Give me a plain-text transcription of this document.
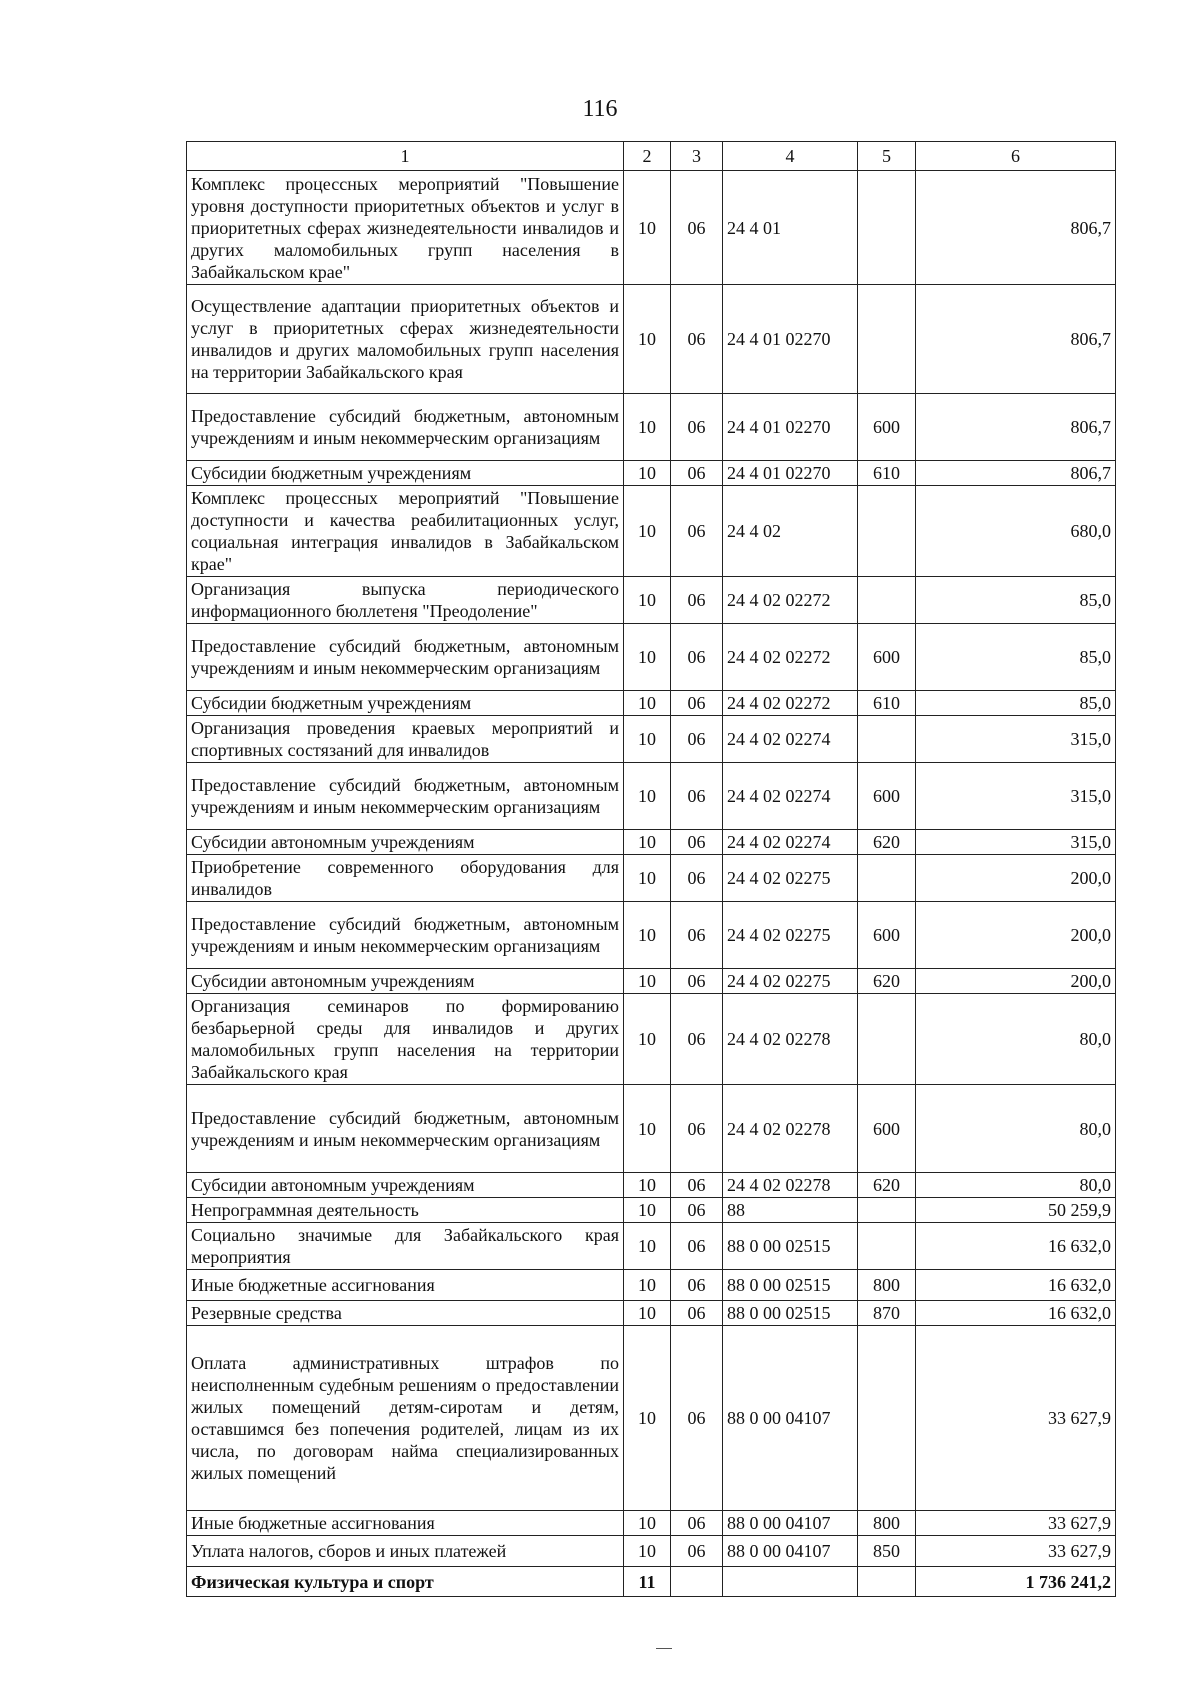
116
1	2	3	4	5	6
Комплекс процессных мероприятий "Повышение уровня доступности приоритетных объектов и услуг в приоритетных сферах жизнедеятельности инвалидов и других маломобильных групп населения в Забайкальском крае"	10	06	24 4 01		806,7
Осуществление адаптации приоритетных объектов и услуг в приоритетных сферах жизнедеятельности инвалидов и других маломобильных групп населения на территории Забайкальского края	10	06	24 4 01 02270		806,7
Предоставление субсидий бюджетным, автономным учреждениям и иным некоммерческим организациям	10	06	24 4 01 02270	600	806,7
Субсидии бюджетным учреждениям	10	06	24 4 01 02270	610	806,7
Комплекс процессных мероприятий "Повышение доступности и качества реабилитационных услуг, социальная интеграция инвалидов в Забайкальском крае"	10	06	24 4 02		680,0
Организация выпуска периодического информационного бюллетеня "Преодоление"	10	06	24 4 02 02272		85,0
Предоставление субсидий бюджетным, автономным учреждениям и иным некоммерческим организациям	10	06	24 4 02 02272	600	85,0
Субсидии бюджетным учреждениям	10	06	24 4 02 02272	610	85,0
Организация проведения краевых мероприятий и спортивных состязаний для инвалидов	10	06	24 4 02 02274		315,0
Предоставление субсидий бюджетным, автономным учреждениям и иным некоммерческим организациям	10	06	24 4 02 02274	600	315,0
Субсидии автономным учреждениям	10	06	24 4 02 02274	620	315,0
Приобретение современного оборудования для инвалидов	10	06	24 4 02 02275		200,0
Предоставление субсидий бюджетным, автономным учреждениям и иным некоммерческим организациям	10	06	24 4 02 02275	600	200,0
Субсидии автономным учреждениям	10	06	24 4 02 02275	620	200,0
Организация семинаров по формированию безбарьерной среды для инвалидов и других маломобильных групп населения на территории Забайкальского края	10	06	24 4 02 02278		80,0
Предоставление субсидий бюджетным, автономным учреждениям и иным некоммерческим организациям	10	06	24 4 02 02278	600	80,0
Субсидии автономным учреждениям	10	06	24 4 02 02278	620	80,0
Непрограммная деятельность	10	06	88		50 259,9
Социально значимые для Забайкальского края мероприятия	10	06	88 0 00 02515		16 632,0
Иные бюджетные ассигнования	10	06	88 0 00 02515	800	16 632,0
Резервные средства	10	06	88 0 00 02515	870	16 632,0
Оплата административных штрафов по неисполненным судебным решениям о предоставлении жилых помещений детям-сиротам и детям, оставшимся без попечения родителей, лицам из их числа, по договорам найма специализированных жилых помещений	10	06	88 0 00 04107		33 627,9
Иные бюджетные ассигнования	10	06	88 0 00 04107	800	33 627,9
Уплата налогов, сборов и иных платежей	10	06	88 0 00 04107	850	33 627,9
Физическая культура и спорт	11				1 736 241,2
